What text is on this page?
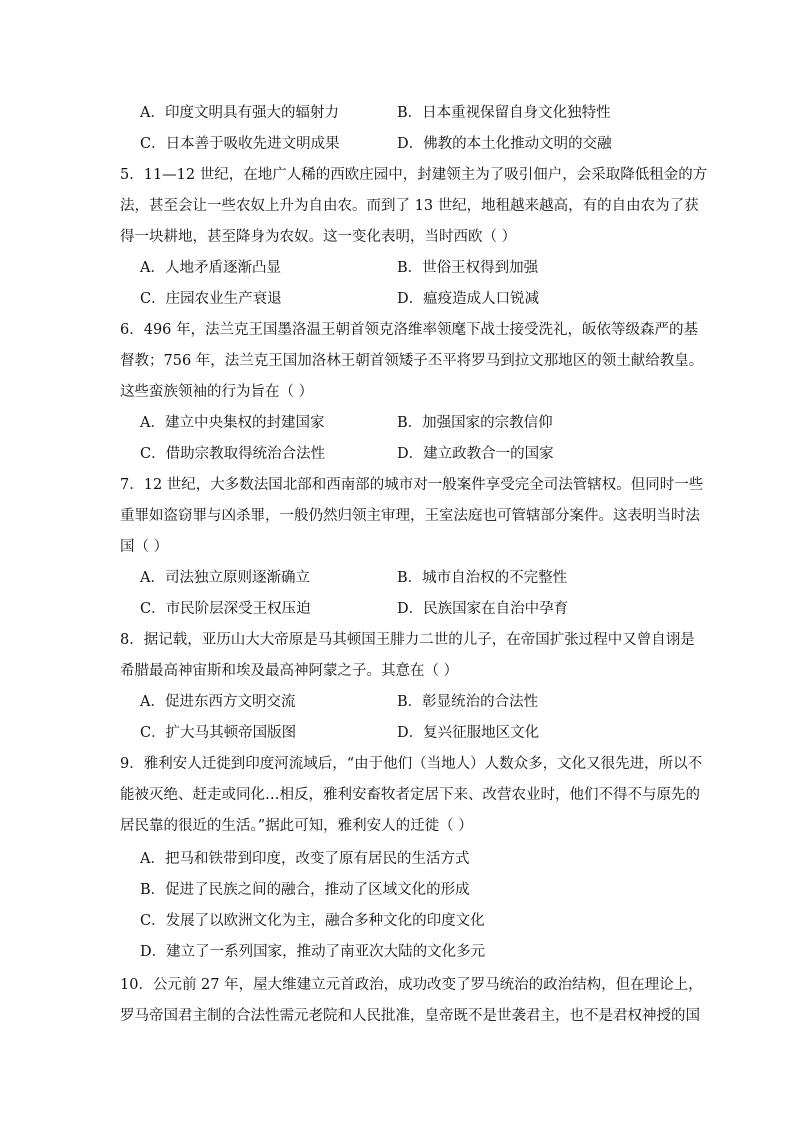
A．印度文明具有强大的辐射力	B．日本重视保留自身文化独特性
C．日本善于吸收先进文明成果	D．佛教的本土化推动文明的交融
5．11—12 世纪，在地广人稀的西欧庄园中，封建领主为了吸引佃户，会采取降低租金的方
法，甚至会让一些农奴上升为自由农。而到了 13 世纪，地租越来越高，有的自由农为了获
得一块耕地，甚至降身为农奴。这一变化表明，当时西欧（ ）
A．人地矛盾逐渐凸显	B．世俗王权得到加强
C．庄园农业生产衰退	D．瘟疫造成人口锐减
6．496 年，法兰克王国墨洛温王朝首领克洛维率领麾下战士接受洗礼，皈依等级森严的基
督教；756 年，法兰克王国加洛林王朝首领矮子丕平将罗马到拉文那地区的领土献给教皇。
这些蛮族领袖的行为旨在（ ）
A．建立中央集权的封建国家	B．加强国家的宗教信仰
C．借助宗教取得统治合法性	D．建立政教合一的国家
7．12 世纪，大多数法国北部和西南部的城市对一般案件享受完全司法管辖权。但同时一些
重罪如盗窃罪与凶杀罪，一般仍然归领主审理，王室法庭也可管辖部分案件。这表明当时法
国（ ）
A．司法独立原则逐渐确立	B．城市自治权的不完整性
C．市民阶层深受王权压迫	D．民族国家在自治中孕育
8．据记载，亚历山大大帝原是马其顿国王腓力二世的儿子，在帝国扩张过程中又曾自诩是
希腊最高神宙斯和埃及最高神阿蒙之子。其意在（ ）
A．促进东西方文明交流	B．彰显统治的合法性
C．扩大马其顿帝国版图	D．复兴征服地区文化
9．雅利安人迁徙到印度河流域后，“由于他们（当地人）人数众多，文化又很先进，所以不
能被灭绝、赶走或同化…相反，雅利安畜牧者定居下来、改营农业时，他们不得不与原先的
居民靠的很近的生活。”据此可知，雅利安人的迁徙（ ）
A．把马和铁带到印度，改变了原有居民的生活方式
B．促进了民族之间的融合，推动了区域文化的形成
C．发展了以欧洲文化为主，融合多种文化的印度文化
D．建立了一系列国家，推动了南亚次大陆的文化多元
10．公元前 27 年，屋大维建立元首政治，成功改变了罗马统治的政治结构，但在理论上，
罗马帝国君主制的合法性需元老院和人民批准，皇帝既不是世袭君主，也不是君权神授的国
